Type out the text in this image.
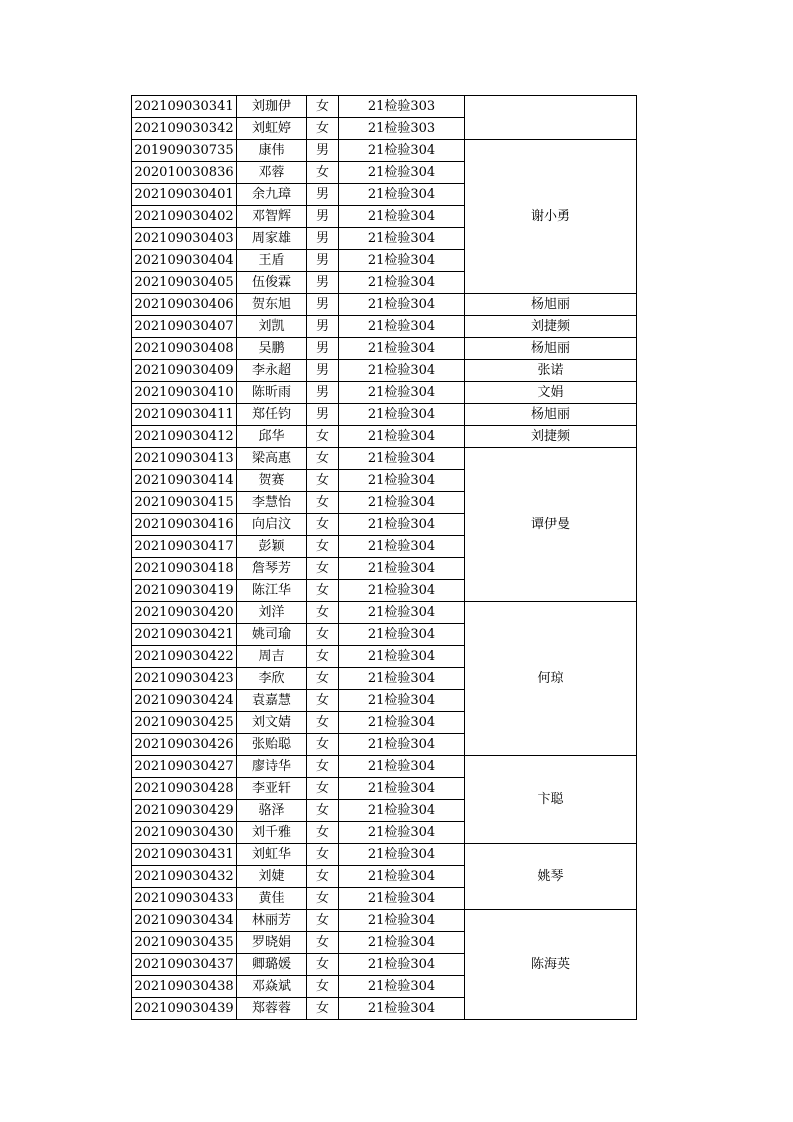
202109030341	刘珈伊	女	21检验303	
202109030342	刘虹婷	女	21检验303	
201909030735	康伟	男	21检验304	谢小勇
202010030836	邓蓉	女	21检验304	
202109030401	余九璋	男	21检验304	
202109030402	邓智辉	男	21检验304	
202109030403	周家雄	男	21检验304	
202109030404	王盾	男	21检验304	
202109030405	伍俊霖	男	21检验304	
202109030406	贺东旭	男	21检验304	杨旭丽
202109030407	刘凯	男	21检验304	刘捷频
202109030408	吴鹏	男	21检验304	杨旭丽
202109030409	李永超	男	21检验304	张诺
202109030410	陈昕雨	男	21检验304	文娟
202109030411	郑任钧	男	21检验304	杨旭丽
202109030412	邱华	女	21检验304	刘捷频
202109030413	梁高惠	女	21检验304	谭伊曼
202109030414	贺赛	女	21检验304	
202109030415	李慧怡	女	21检验304	
202109030416	向启汶	女	21检验304	
202109030417	彭颖	女	21检验304	
202109030418	詹琴芳	女	21检验304	
202109030419	陈江华	女	21检验304	
202109030420	刘洋	女	21检验304	何琼
202109030421	姚司瑜	女	21检验304	
202109030422	周吉	女	21检验304	
202109030423	李欣	女	21检验304	
202109030424	袁嘉慧	女	21检验304	
202109030425	刘文婧	女	21检验304	
202109030426	张贻聪	女	21检验304	
202109030427	廖诗华	女	21检验304	卞聪
202109030428	李亚轩	女	21检验304	
202109030429	骆泽	女	21检验304	
202109030430	刘千雅	女	21检验304	
202109030431	刘虹华	女	21检验304	姚琴
202109030432	刘婕	女	21检验304	
202109030433	黄佳	女	21检验304	
202109030434	林丽芳	女	21检验304	陈海英
202109030435	罗晓娟	女	21检验304	
202109030437	卿璐媛	女	21检验304	
202109030438	邓焱斌	女	21检验304	
202109030439	郑蓉蓉	女	21检验304	
